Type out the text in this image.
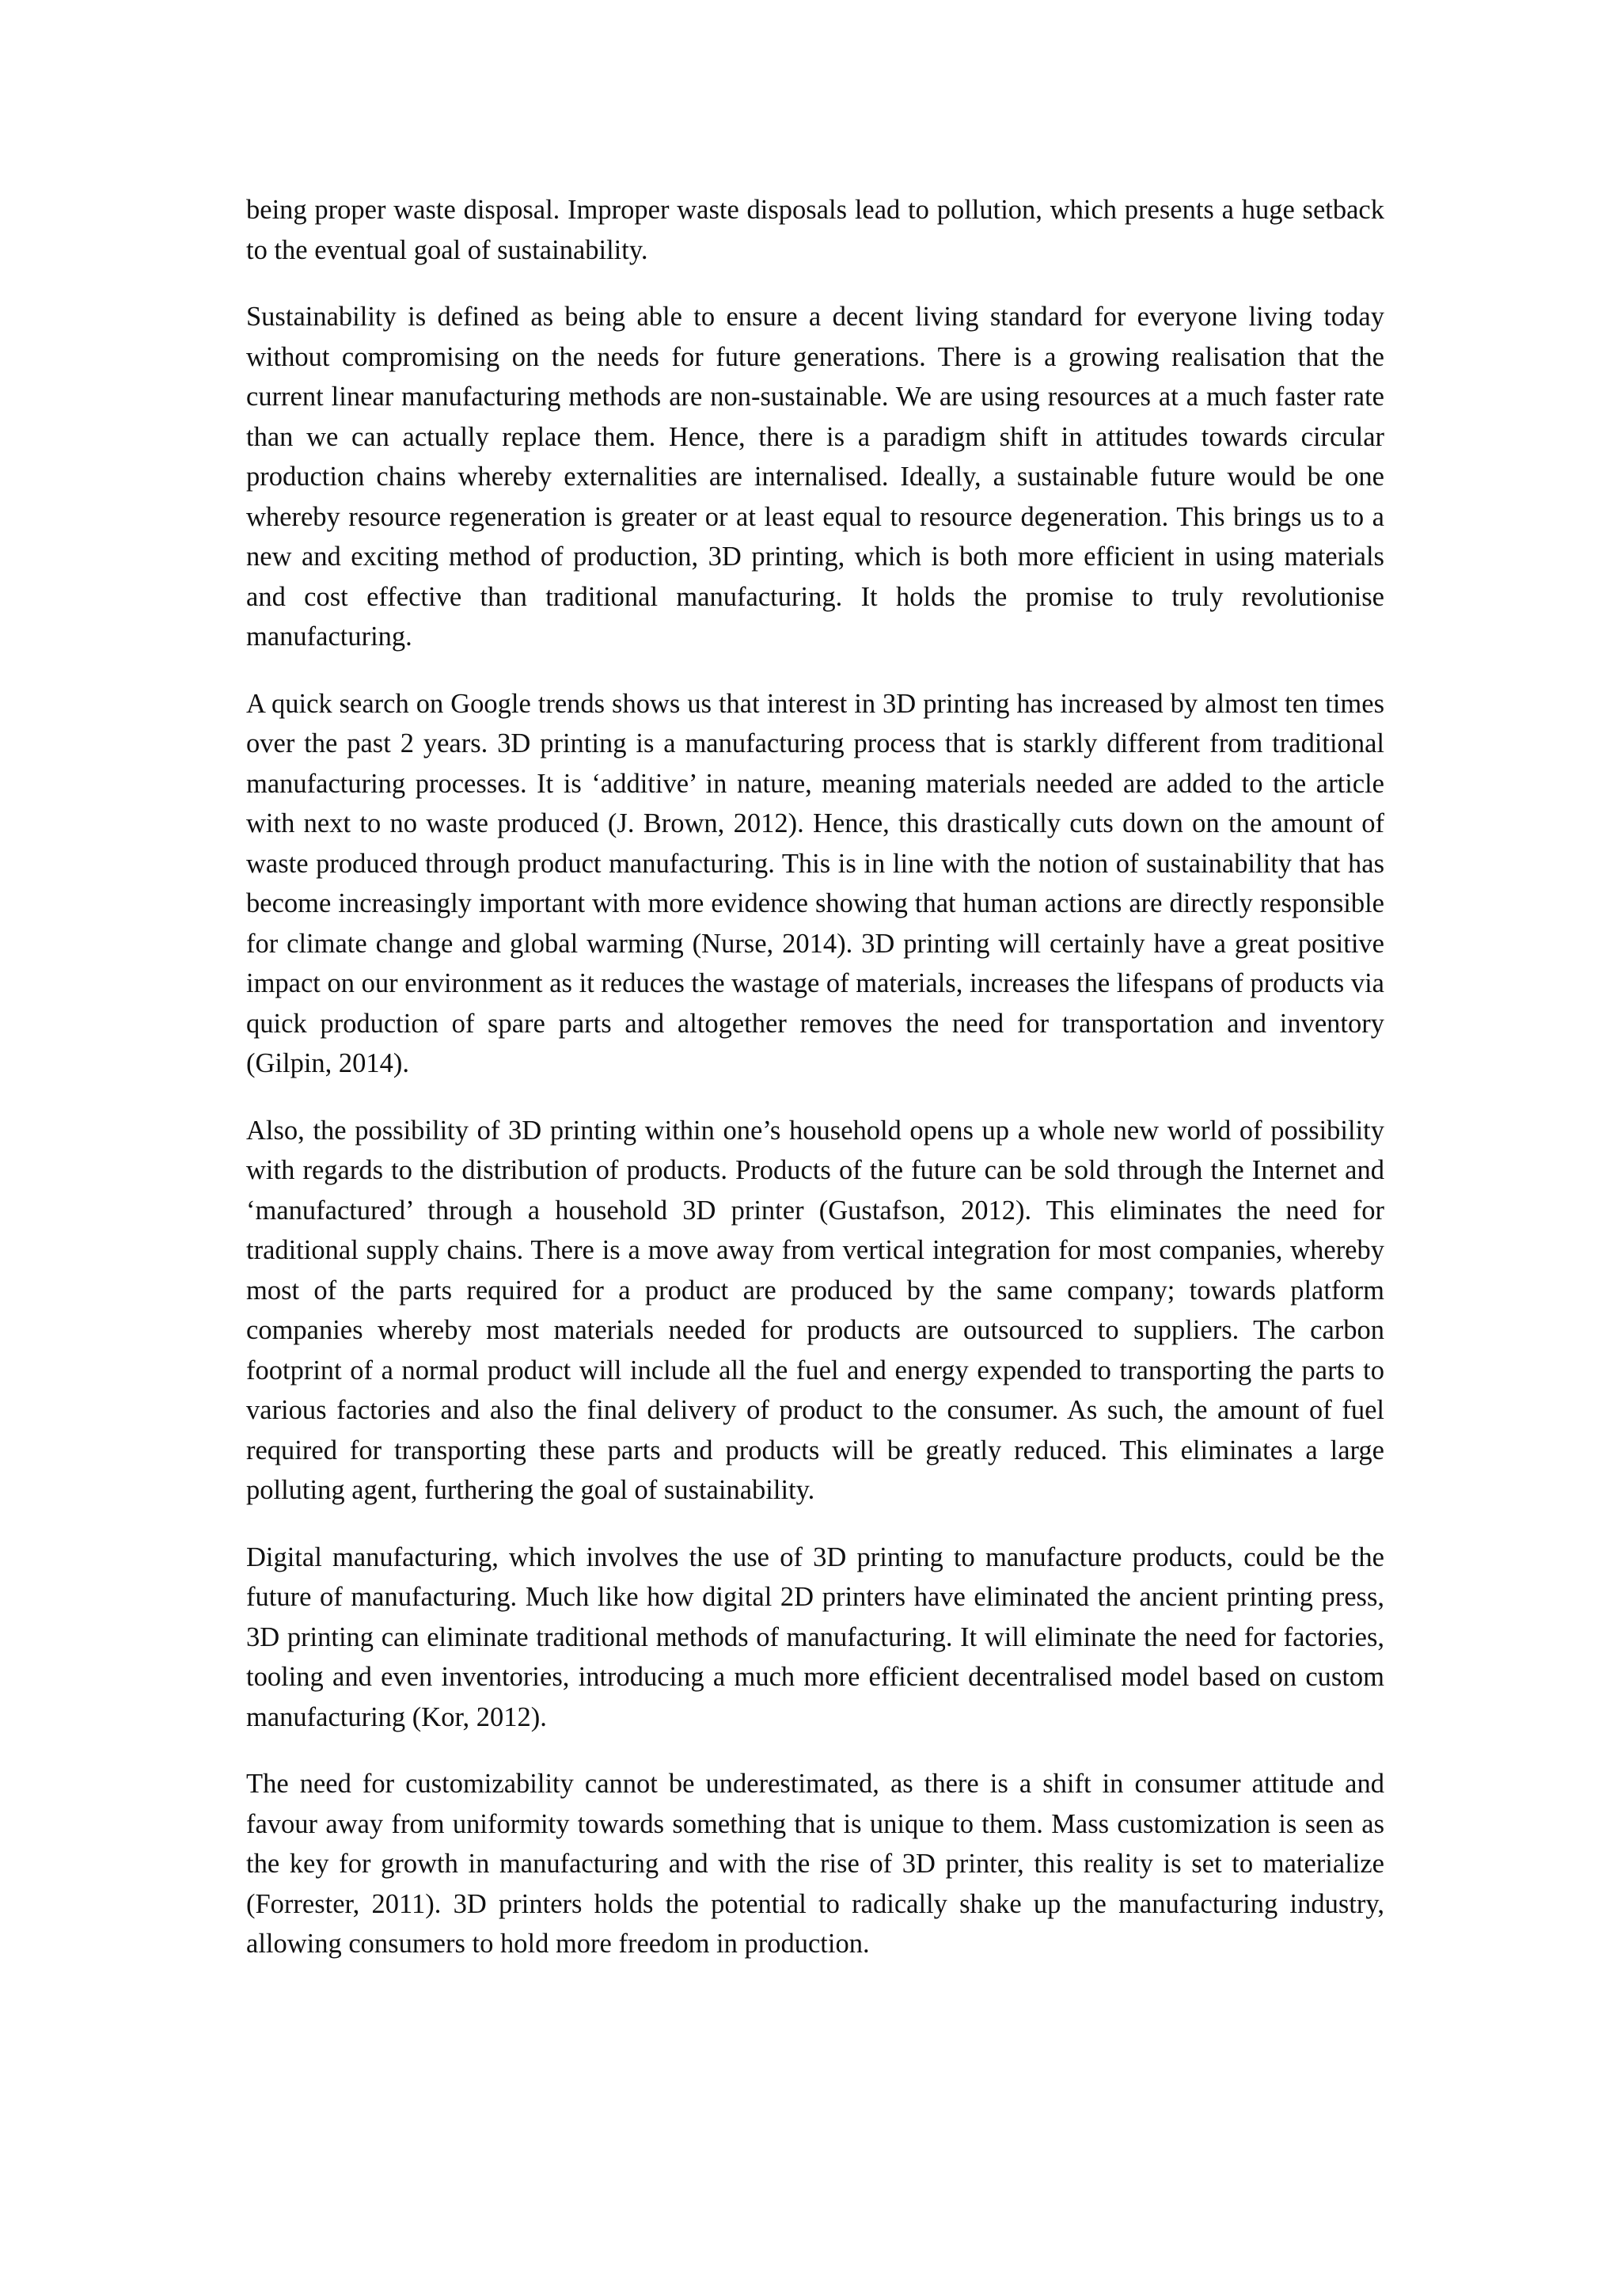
being proper waste disposal. Improper waste disposals lead to pollution, which presents a huge setback to the eventual goal of sustainability.

Sustainability is defined as being able to ensure a decent living standard for everyone living today without compromising on the needs for future generations. There is a growing realisation that the current linear manufacturing methods are non-sustainable. We are using resources at a much faster rate than we can actually replace them. Hence, there is a paradigm shift in attitudes towards circular production chains whereby externalities are internalised. Ideally, a sustainable future would be one whereby resource regeneration is greater or at least equal to resource degeneration. This brings us to a new and exciting method of production, 3D printing, which is both more efficient in using materials and cost effective than traditional manufacturing. It holds the promise to truly revolutionise manufacturing.

A quick search on Google trends shows us that interest in 3D printing has increased by almost ten times over the past 2 years. 3D printing is a manufacturing process that is starkly different from traditional manufacturing processes. It is ‘additive’ in nature, meaning materials needed are added to the article with next to no waste produced (J. Brown, 2012). Hence, this drastically cuts down on the amount of waste produced through product manufacturing. This is in line with the notion of sustainability that has become increasingly important with more evidence showing that human actions are directly responsible for climate change and global warming (Nurse, 2014). 3D printing will certainly have a great positive impact on our environment as it reduces the wastage of materials, increases the lifespans of products via quick production of spare parts and altogether removes the need for transportation and inventory (Gilpin, 2014).

Also, the possibility of 3D printing within one’s household opens up a whole new world of possibility with regards to the distribution of products. Products of the future can be sold through the Internet and ‘manufactured’ through a household 3D printer (Gustafson, 2012). This eliminates the need for traditional supply chains. There is a move away from vertical integration for most companies, whereby most of the parts required for a product are produced by the same company; towards platform companies whereby most materials needed for products are outsourced to suppliers. The carbon footprint of a normal product will include all the fuel and energy expended to transporting the parts to various factories and also the final delivery of product to the consumer. As such, the amount of fuel required for transporting these parts and products will be greatly reduced. This eliminates a large polluting agent, furthering the goal of sustainability.

Digital manufacturing, which involves the use of 3D printing to manufacture products, could be the future of manufacturing. Much like how digital 2D printers have eliminated the ancient printing press, 3D printing can eliminate traditional methods of manufacturing. It will eliminate the need for factories, tooling and even inventories, introducing a much more efficient decentralised model based on custom manufacturing (Kor, 2012).

The need for customizability cannot be underestimated, as there is a shift in consumer attitude and favour away from uniformity towards something that is unique to them. Mass customization is seen as the key for growth in manufacturing and with the rise of 3D printer, this reality is set to materialize (Forrester, 2011). 3D printers holds the potential to radically shake up the manufacturing industry, allowing consumers to hold more freedom in production.
